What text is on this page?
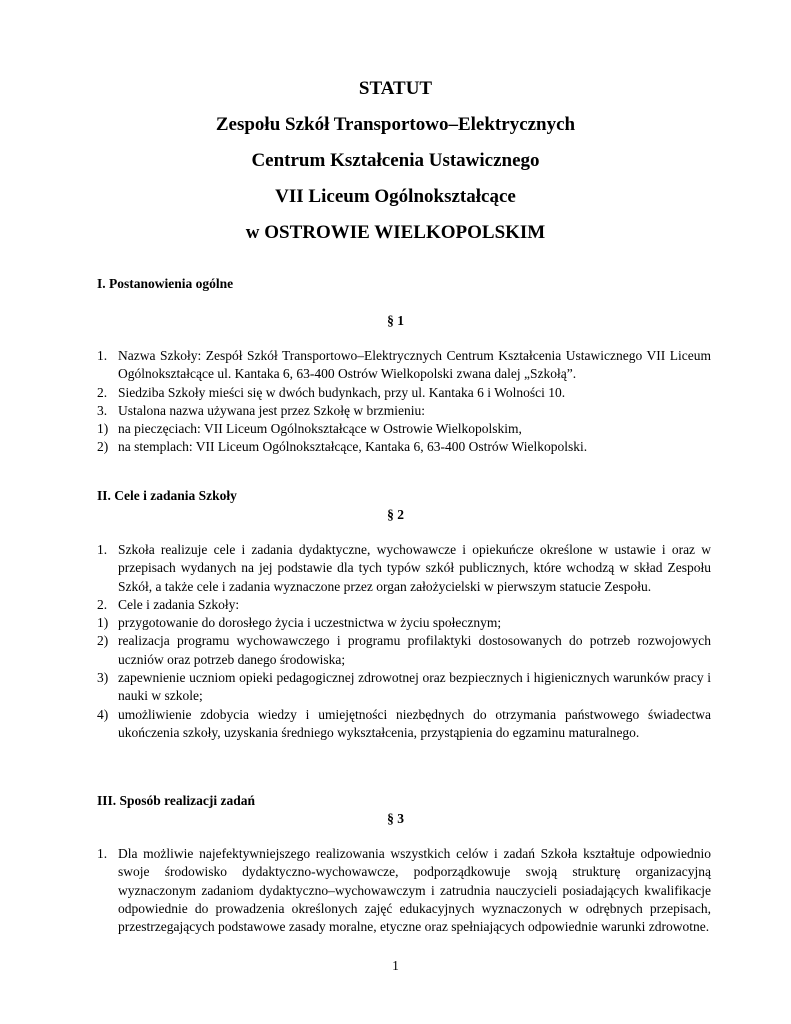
STATUT
Zespołu Szkół Transportowo–Elektrycznych
Centrum Kształcenia Ustawicznego
VII Liceum Ogólnokształcące
w OSTROWIE WIELKOPOLSKIM
I. Postanowienia ogólne
§ 1
1. Nazwa Szkoły: Zespół Szkół Transportowo–Elektrycznych Centrum Kształcenia Ustawicznego VII Liceum Ogólnokształcące ul. Kantaka 6, 63-400 Ostrów Wielkopolski zwana dalej „Szkołą”.
2. Siedziba Szkoły mieści się w dwóch budynkach, przy ul. Kantaka 6 i Wolności 10.
3. Ustalona nazwa używana jest przez Szkołę w brzmieniu:
1) na pieczęciach: VII Liceum Ogólnokształcące w Ostrowie Wielkopolskim,
2) na stemplach: VII Liceum Ogólnokształcące, Kantaka 6, 63-400 Ostrów Wielkopolski.
II. Cele i zadania Szkoły
§ 2
1. Szkoła realizuje cele i zadania dydaktyczne, wychowawcze i opiekuńcze określone w ustawie i oraz w przepisach wydanych na jej podstawie dla tych typów szkół publicznych, które wchodzą w skład Zespołu Szkół, a także cele i zadania wyznaczone przez organ założycielski w pierwszym statucie Zespołu.
2. Cele i zadania Szkoły:
1) przygotowanie do dorosłego życia i uczestnictwa w życiu społecznym;
2) realizacja programu wychowawczego i programu profilaktyki dostosowanych do potrzeb rozwojowych uczniów oraz potrzeb danego środowiska;
3) zapewnienie uczniom opieki pedagogicznej zdrowotnej oraz bezpiecznych i higienicznych warunków pracy i nauki w szkole;
4) umożliwienie zdobycia wiedzy i umiejętności niezbędnych do otrzymania państwowego świadectwa ukończenia szkoły, uzyskania średniego wykształcenia, przystąpienia do egzaminu maturalnego.
III. Sposób realizacji zadań
§ 3
1. Dla możliwie najefektywniejszego realizowania wszystkich celów i zadań Szkoła kształtuje odpowiednio swoje środowisko dydaktyczno-wychowawcze, podporządkowuje swoją strukturę organizacyjną wyznaczonym zadaniom dydaktyczno–wychowawczym i zatrudnia nauczycieli posiadających kwalifikacje odpowiednie do prowadzenia określonych zajęć edukacyjnych wyznaczonych w odrębnych przepisach, przestrzegających podstawowe zasady moralne, etyczne oraz spełniających odpowiednie warunki zdrowotne.
1
